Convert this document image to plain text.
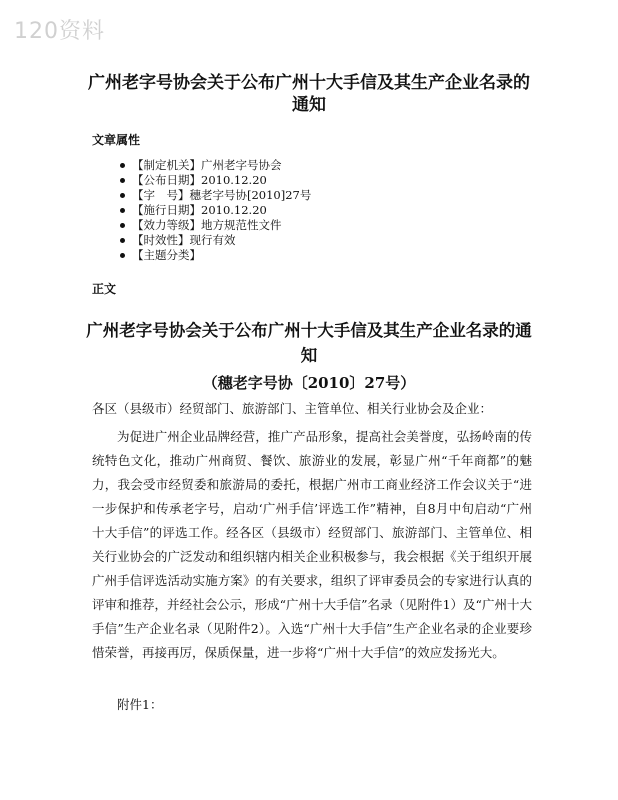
120资料
广州老字号协会关于公布广州十大手信及其生产企业名录的通知
文章属性
【制定机关】广州老字号协会
【公布日期】2010.12.20
【字　号】穗老字号协[2010]27号
【施行日期】2010.12.20
【效力等级】地方规范性文件
【时效性】现行有效
【主题分类】
正文
广州老字号协会关于公布广州十大手信及其生产企业名录的通知
（穗老字号协〔2010〕27号）

各区（县级市）经贸部门、旅游部门、主管单位、相关行业协会及企业：

为促进广州企业品牌经营，推广产品形象，提高社会美誉度，弘扬岭南的传统特色文化，推动广州商贸、餐饮、旅游业的发展，彰显广州“千年商都”的魅力，我会受市经贸委和旅游局的委托，根据广州市工商业经济工作会议关于“进一步保护和传承老字号，启动‘广州手信’评选工作”精神，自8月中旬启动“广州十大手信”的评选工作。经各区（县级市）经贸部门、旅游部门、主管单位、相关行业协会的广泛发动和组织辖内相关企业积极参与，我会根据《关于组织开展广州手信评选活动实施方案》的有关要求，组织了评审委员会的专家进行认真的评审和推荐，并经社会公示，形成“广州十大手信”名录（见附件1）及“广州十大手信”生产企业名录（见附件2）。入选“广州十大手信”生产企业名录的企业要珍惜荣誉，再接再厉，保质保量，进一步将“广州十大手信”的效应发扬光大。

附件1：
